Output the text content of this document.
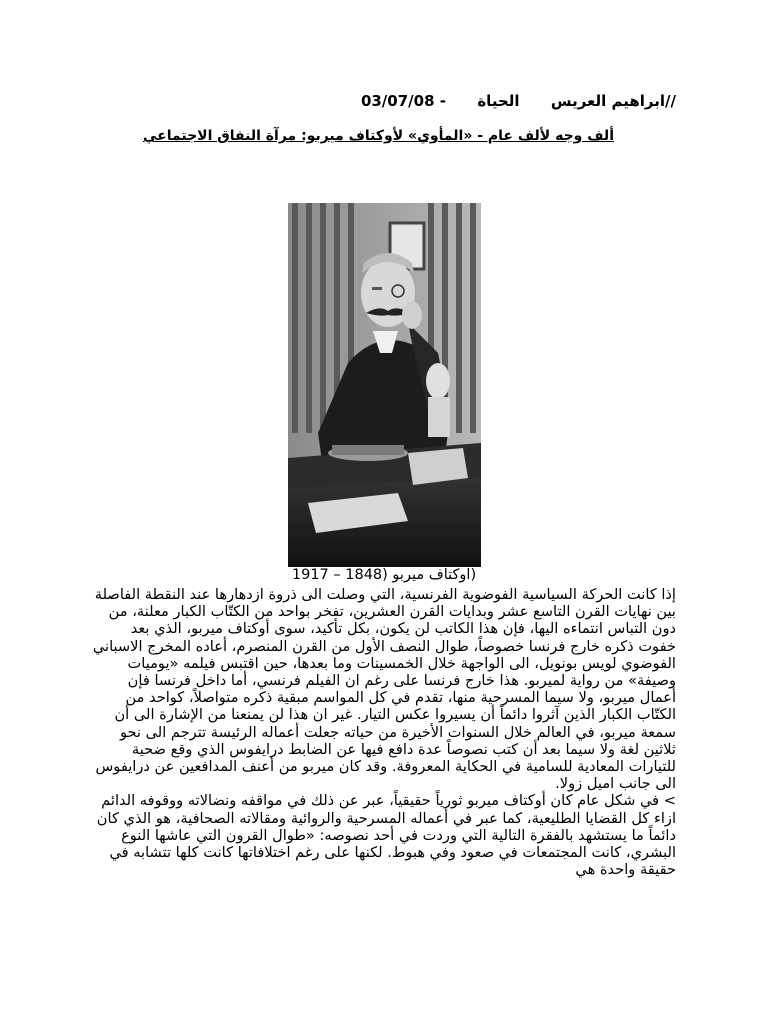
//ابراهيم العريس      الحياة      - 03/07/08
ألف وجه لألف عام - «المأوي» لأوكتاف ميربو: مرآة النفاق الاجتماعي
(اوكتاف ميربو (1848 – 1917

إذا كانت الحركة السياسية الفوضوية الفرنسية، التي وصلت الى ذروة ازدهارها عند النقطة الفاصلة بين نهايات القرن التاسع عشر وبدايات القرن العشرين، تفخر بواحد من الكتّاب الكبار معلنة، من دون التباس انتماءه اليها، فإن هذا الكاتب لن يكون، بكل تأكيد، سوى أوكتاف ميربو، الذي بعد خفوت ذكره خارج فرنسا خصوصاً، طوال النصف الأول من القرن المنصرم، أعاده المخرج الاسباني الفوضوي لويس بونويل، الى الواجهة خلال الخمسينات وما بعدها، حين اقتبس فيلمه «يوميات وصيفة» من رواية لميربو. هذا خارج فرنسا على رغم ان الفيلم فرنسي، أما داخل فرنسا فإن أعمال ميربو، ولا سيما المسرحية منها، تقدم في كل المواسم مبقية ذكره متواصلاً، كواحد من الكتّاب الكبار الذين آثروا دائماً أن يسيروا عكس التيار. غير ان هذا لن يمنعنا من الإشارة الى أن سمعة ميربو، في العالم خلال السنوات الأخيرة من حياته جعلت أعماله الرئيسة تترجم الى نحو ثلاثين لغة ولا سيما بعد أن كتب نصوصاً عدة دافع فيها عن الضابط درايفوس الذي وقع ضحية للتيارات المعادية للسامية في الحكاية المعروفة. وقد كان ميربو من أعنف المدافعين عن درايفوس الى جانب اميل زولا.

> في شكل عام كان أوكتاف ميربو ثورياً حقيقياً، عبر عن ذلك في مواقفه ونضالاته ووقوفه الدائم ازاء كل القضايا الطليعية، كما عبر في أعماله المسرحية والروائية ومقالاته الصحافية، هو الذي كان دائماً ما يستشهد بالفقرة التالية التي وردت في أحد نصوصه: «طوال القرون التي عاشها النوع البشري، كانت المجتمعات في صعود وفي هبوط. لكنها على رغم اختلافاتها كانت كلها تتشابه في حقيقة واحدة هي
